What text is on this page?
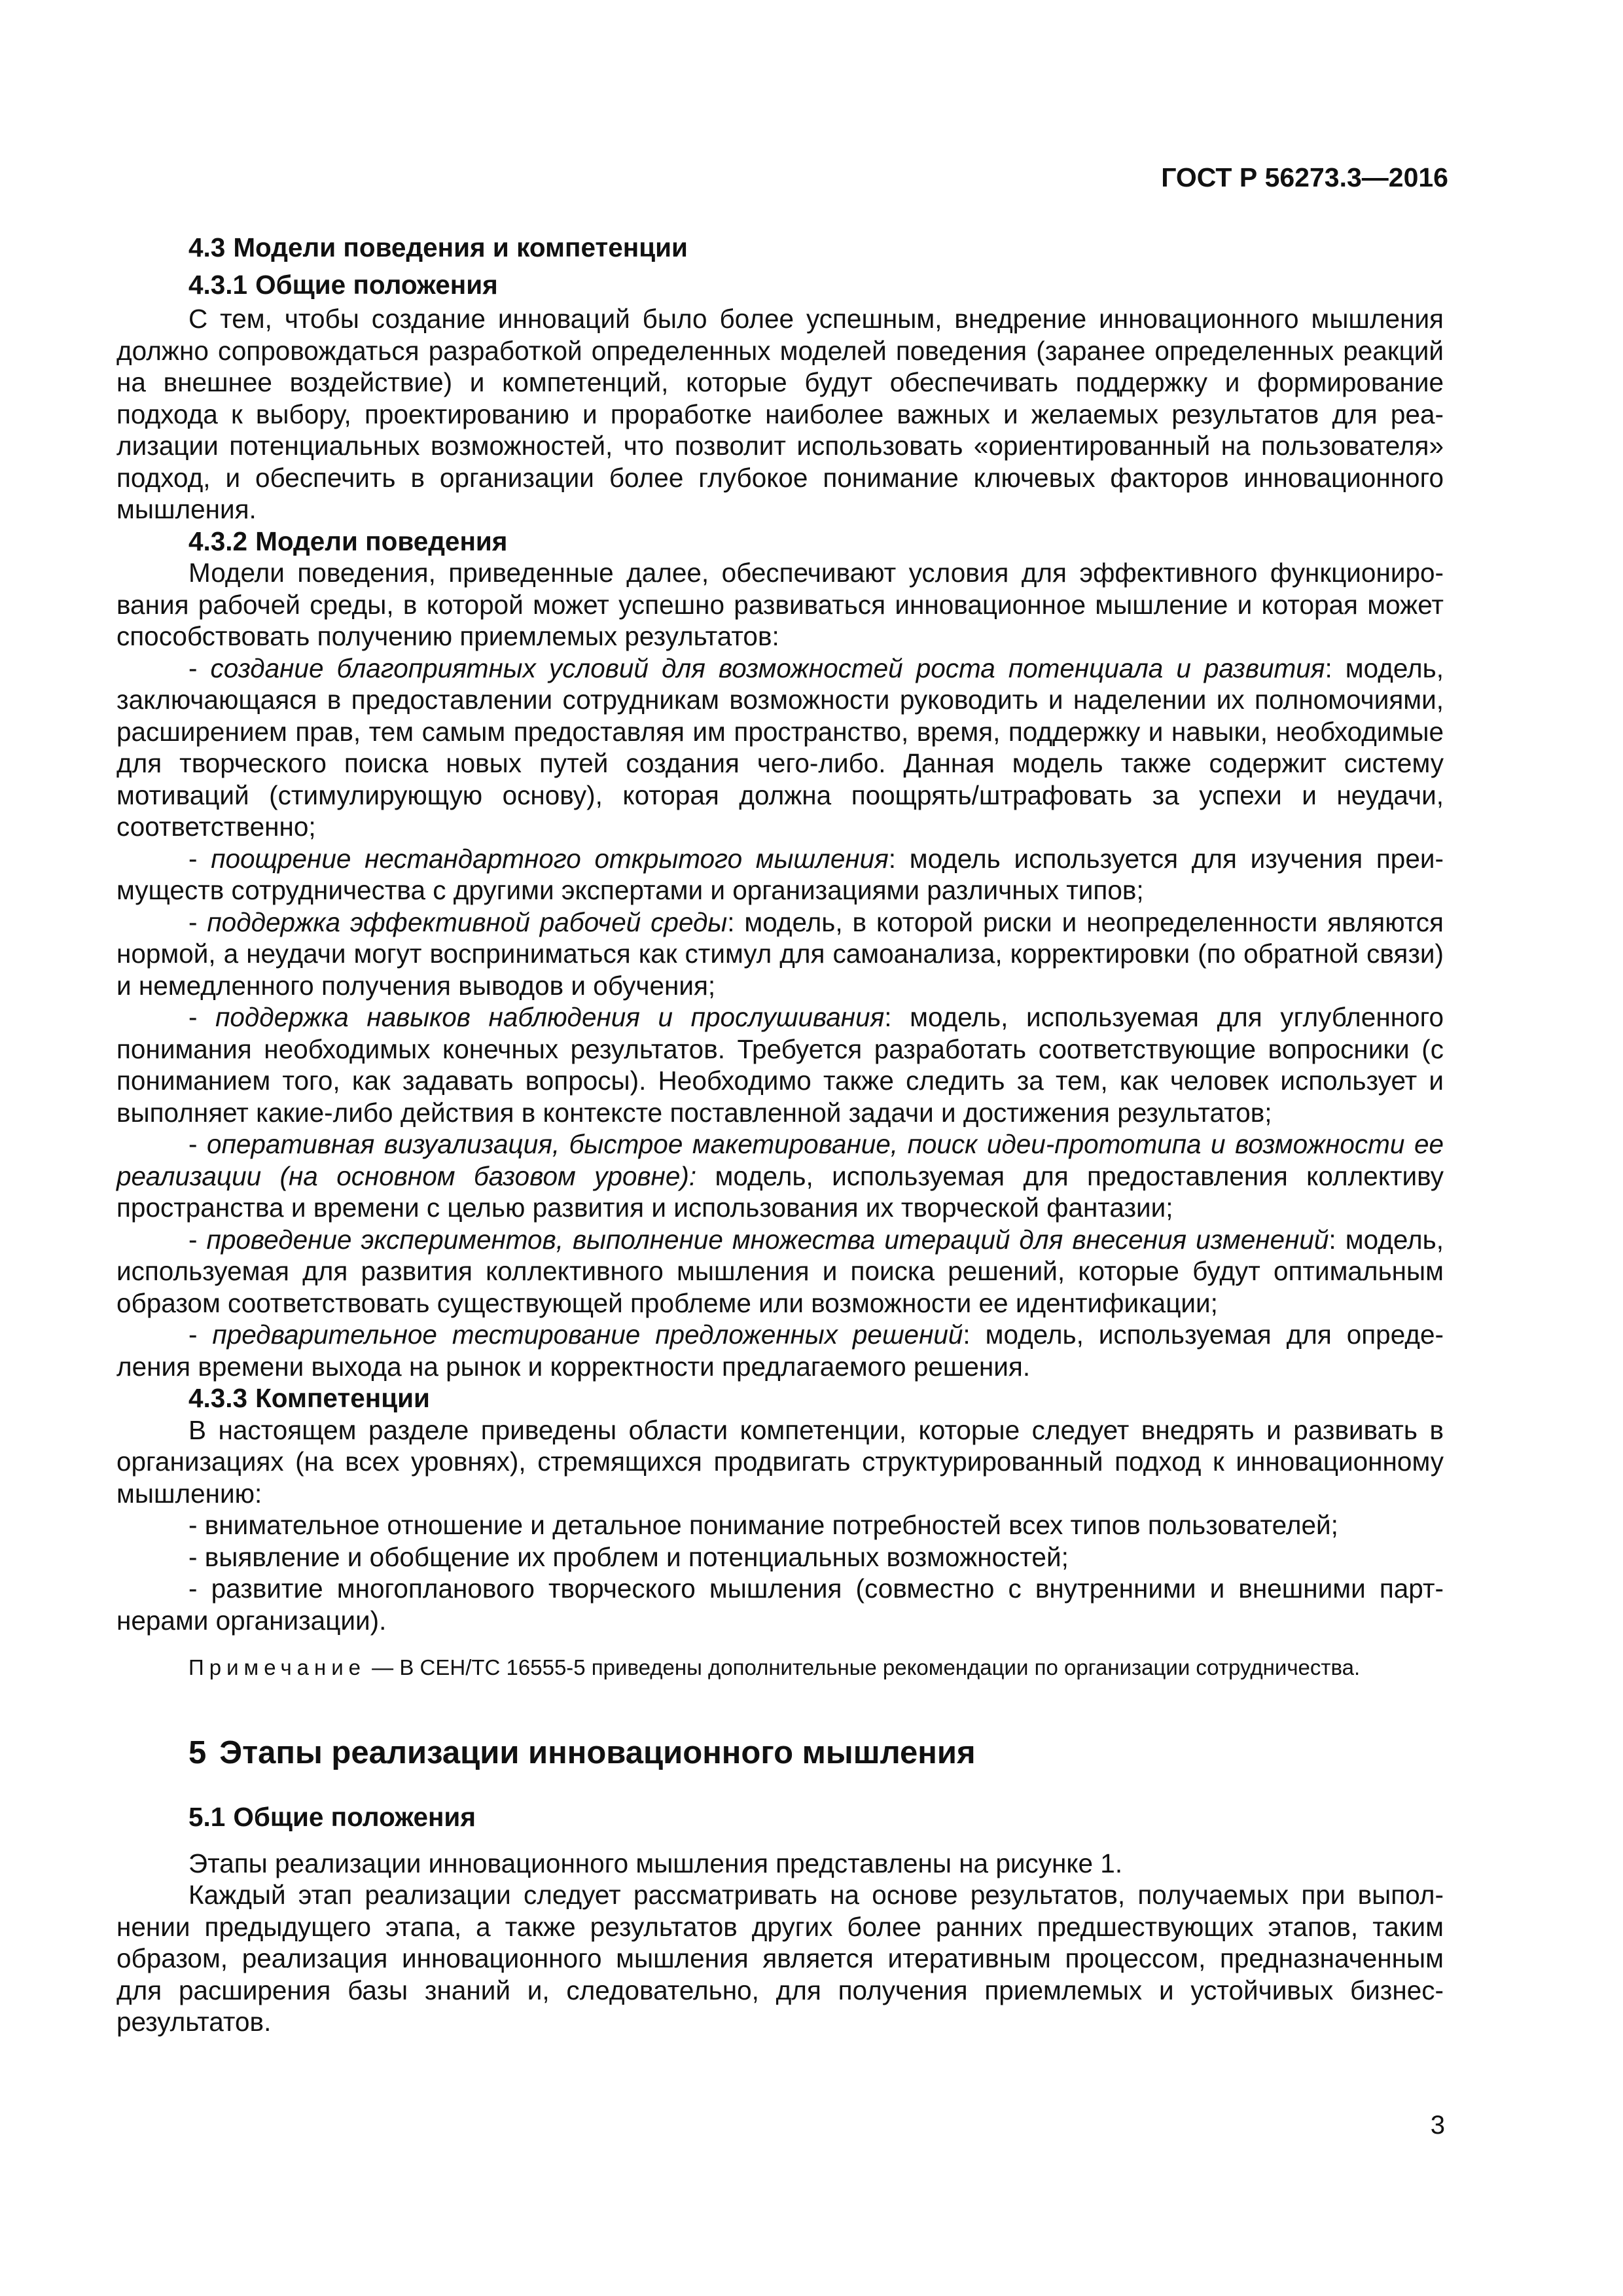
ГОСТ Р 56273.3—2016
4.3 Модели поведения и компетенции
4.3.1 Общие положения

С тем, чтобы создание инноваций было более успешным, внедрение инновационного мышления должно сопровождаться разработкой определенных моделей поведения (заранее определенных реакций на внешнее воздействие) и компетенций, которые будут обеспечивать поддержку и формирование подхода к выбору, проектированию и проработке наиболее важных и желаемых результатов для реализации потенциальных возможностей, что позволит использовать «ориентированный на пользователя» подход, и обеспечить в организации более глубокое понимание ключевых факторов инновационного мышления.

4.3.2 Модели поведения

Модели поведения, приведенные далее, обеспечивают условия для эффективного функционирования рабочей среды, в которой может успешно развиваться инновационное мышление и которая может способствовать получению приемлемых результатов:

- создание благоприятных условий для возможностей роста потенциала и развития: модель, заключающаяся в предоставлении сотрудникам возможности руководить и наделении их полномочиями, расширением прав, тем самым предоставляя им пространство, время, поддержку и навыки, необходимые для творческого поиска новых путей создания чего-либо. Данная модель также содержит систему мотиваций (стимулирующую основу), которая должна поощрять/штрафовать за успехи и неудачи, соответственно;

- поощрение нестандартного открытого мышления: модель используется для изучения преимуществ сотрудничества с другими экспертами и организациями различных типов;

- поддержка эффективной рабочей среды: модель, в которой риски и неопределенности являются нормой, а неудачи могут восприниматься как стимул для самоанализа, корректировки (по обратной связи) и немедленного получения выводов и обучения;

- поддержка навыков наблюдения и прослушивания: модель, используемая для углубленного понимания необходимых конечных результатов. Требуется разработать соответствующие вопросники (с пониманием того, как задавать вопросы). Необходимо также следить за тем, как человек использует и выполняет какие-либо действия в контексте поставленной задачи и достижения результатов;

- оперативная визуализация, быстрое макетирование, поиск идеи-прототипа и возможности ее реализации (на основном базовом уровне): модель, используемая для предоставления коллективу пространства и времени с целью развития и использования их творческой фантазии;

- проведение экспериментов, выполнение множества итераций для внесения изменений: модель, используемая для развития коллективного мышления и поиска решений, которые будут оптимальным образом соответствовать существующей проблеме или возможности ее идентификации;

- предварительное тестирование предложенных решений: модель, используемая для определения времени выхода на рынок и корректности предлагаемого решения.

4.3.3 Компетенции

В настоящем разделе приведены области компетенции, которые следует внедрять и развивать в организациях (на всех уровнях), стремящихся продвигать структурированный подход к инновационному мышлению:

- внимательное отношение и детальное понимание потребностей всех типов пользователей;

- выявление и обобщение их проблем и потенциальных возможностей;

- развитие многопланового творческого мышления (совместно с внутренними и внешними партнерами организации).

Примечание — В CEH/TC 16555-5 приведены дополнительные рекомендации по организации сотрудничества.

5 Этапы реализации инновационного мышления
5.1 Общие положения

Этапы реализации инновационного мышления представлены на рисунке 1.

Каждый этап реализации следует рассматривать на основе результатов, получаемых при выполнении предыдущего этапа, а также результатов других более ранних предшествующих этапов, таким образом, реализация инновационного мышления является итеративным процессом, предназначенным для расширения базы знаний и, следовательно, для получения приемлемых и устойчивых бизнес-результатов.

3
